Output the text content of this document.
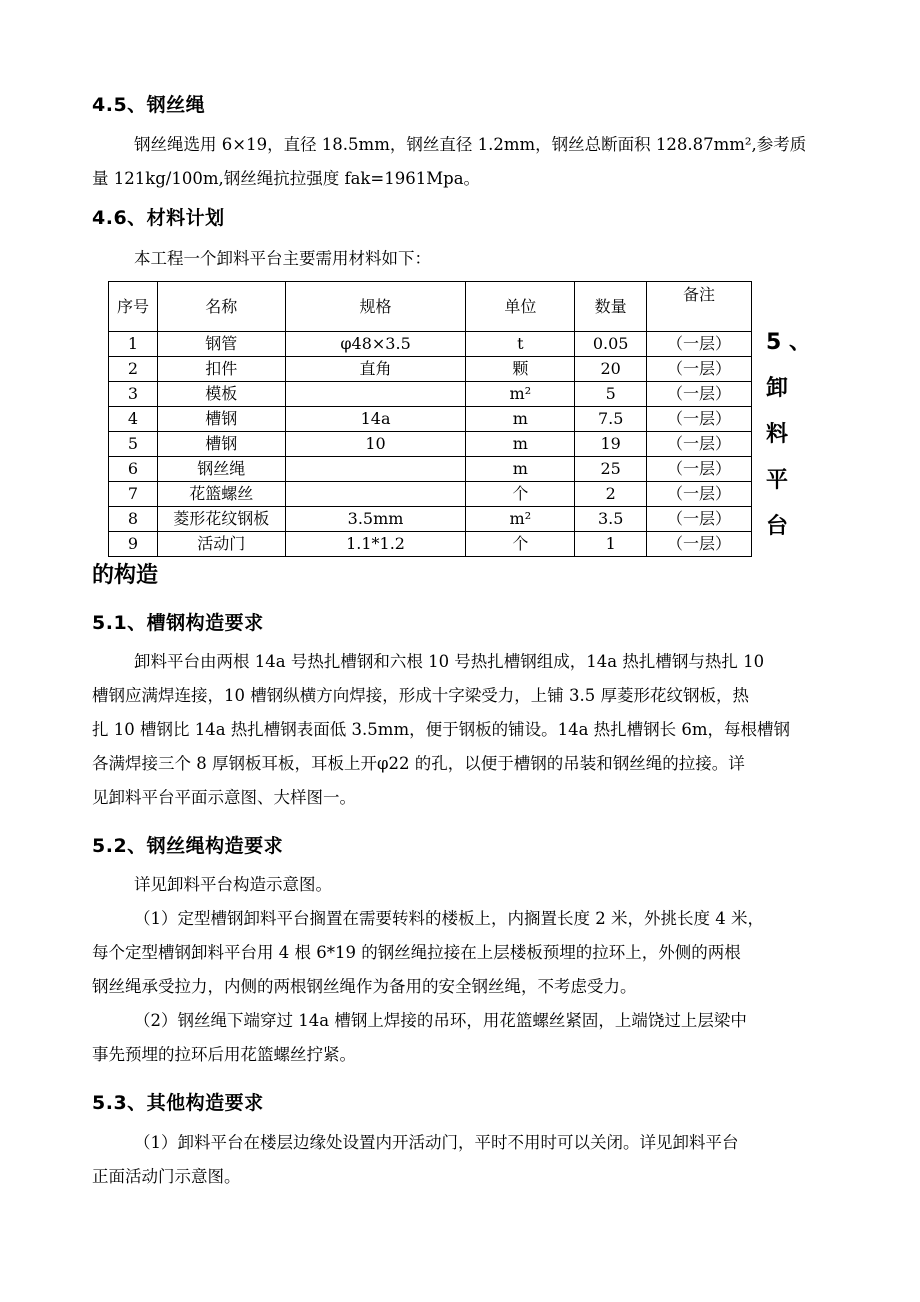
4.5、钢丝绳
钢丝绳选用 6×19，直径 18.5mm，钢丝直径 1.2mm，钢丝总断面积 128.87mm²,参考质
量 121kg/100m,钢丝绳抗拉强度 fak=1961Mpa。
4.6、材料计划
本工程一个卸料平台主要需用材料如下：
序号	名称	规格	单位	数量	备注
1	钢管	φ48×3.5	t	0.05	（一层）
2	扣件	直角	颗	20	（一层）
3	模板		m²	5	（一层）
4	槽钢	14a	m	7.5	（一层）
5	槽钢	10	m	19	（一层）
6	钢丝绳		m	25	（一层）
7	花篮螺丝		个	2	（一层）
8	菱形花纹钢板	3.5mm	m²	3.5	（一层）
9	活动门	1.1*1.2	个	1	（一层）
5 、
卸
料
平
台
的构造
5.1、槽钢构造要求
卸料平台由两根 14a 号热扎槽钢和六根 10 号热扎槽钢组成，14a 热扎槽钢与热扎 10
槽钢应满焊连接，10 槽钢纵横方向焊接，形成十字梁受力，上铺 3.5 厚菱形花纹钢板，热
扎 10 槽钢比 14a 热扎槽钢表面低 3.5mm，便于钢板的铺设。14a 热扎槽钢长 6m，每根槽钢
各满焊接三个 8 厚钢板耳板，耳板上开φ22 的孔，以便于槽钢的吊装和钢丝绳的拉接。详
见卸料平台平面示意图、大样图一。
5.2、钢丝绳构造要求
详见卸料平台构造示意图。
（1）定型槽钢卸料平台搁置在需要转料的楼板上，内搁置长度 2 米，外挑长度 4 米，
每个定型槽钢卸料平台用 4 根 6*19 的钢丝绳拉接在上层楼板预埋的拉环上，外侧的两根
钢丝绳承受拉力，内侧的两根钢丝绳作为备用的安全钢丝绳，不考虑受力。
（2）钢丝绳下端穿过 14a 槽钢上焊接的吊环，用花篮螺丝紧固，上端饶过上层梁中
事先预埋的拉环后用花篮螺丝拧紧。
5.3、其他构造要求
（1）卸料平台在楼层边缘处设置内开活动门，平时不用时可以关闭。详见卸料平台
正面活动门示意图。
